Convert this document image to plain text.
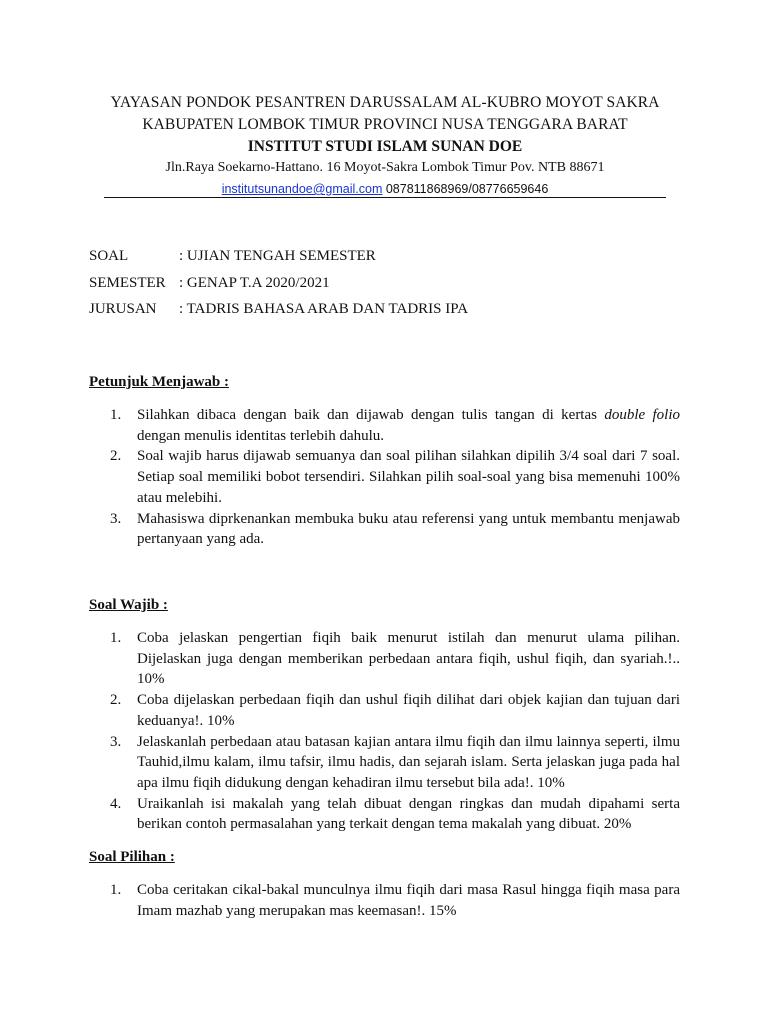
YAYASAN PONDOK PESANTREN DARUSSALAM AL-KUBRO MOYOT SAKRA
KABUPATEN LOMBOK TIMUR PROVINCI NUSA TENGGARA BARAT
INSTITUT STUDI ISLAM SUNAN DOE
Jln.Raya Soekarno-Hattano. 16 Moyot-Sakra Lombok Timur Pov. NTB 88671
institutsunandoe@gmail.com 087811868969/08776659646
SOAL	: UJIAN TENGAH SEMESTER
SEMESTER : GENAP T.A 2020/2021
JURUSAN	: TADRIS BAHASA ARAB DAN TADRIS IPA
Petunjuk Menjawab :
1.	Silahkan dibaca dengan baik dan dijawab dengan tulis tangan di kertas double folio dengan menulis identitas terlebih dahulu.
2.	Soal wajib harus dijawab semuanya dan soal pilihan silahkan dipilih 3/4 soal dari 7 soal. Setiap soal memiliki bobot tersendiri. Silahkan pilih soal-soal yang bisa memenuhi 100% atau melebihi.
3.	Mahasiswa diprkenankan membuka buku atau referensi yang untuk membantu menjawab pertanyaan yang ada.
Soal Wajib :
1.	Coba jelaskan pengertian fiqih baik menurut istilah dan menurut ulama pilihan. Dijelaskan juga dengan memberikan perbedaan antara fiqih, ushul fiqih, dan syariah.!.. 10%
2.	Coba dijelaskan perbedaan fiqih dan ushul fiqih dilihat dari objek kajian dan tujuan dari keduanya!. 10%
3.	Jelaskanlah perbedaan atau batasan kajian antara ilmu fiqih dan ilmu lainnya seperti, ilmu Tauhid,ilmu kalam, ilmu tafsir, ilmu hadis, dan sejarah islam. Serta jelaskan juga pada hal apa ilmu fiqih didukung dengan kehadiran ilmu tersebut bila ada!. 10%
4.	Uraikanlah isi makalah yang telah dibuat dengan ringkas dan mudah dipahami serta berikan contoh permasalahan yang terkait dengan tema makalah yang dibuat. 20%
Soal Pilihan :
1.	Coba ceritakan cikal-bakal munculnya ilmu fiqih dari masa Rasul hingga fiqih masa para Imam mazhab yang merupakan mas keemasan!. 15%
